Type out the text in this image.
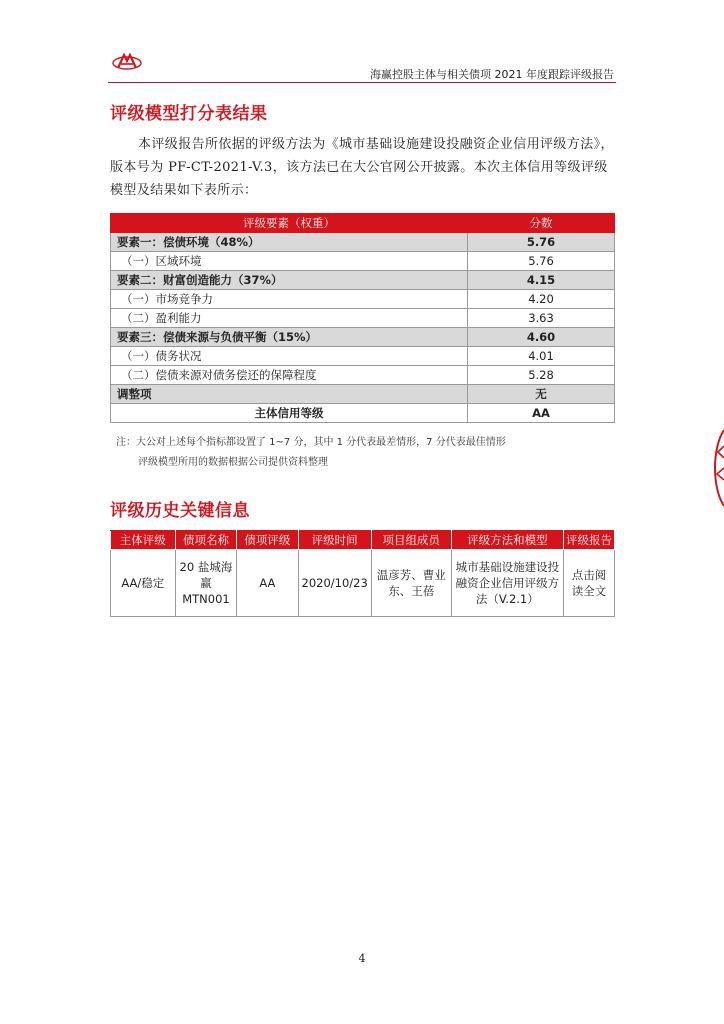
海赢控股主体与相关债项 2021 年度跟踪评级报告
评级模型打分表结果
本评级报告所依据的评级方法为《城市基础设施建设投融资企业信用评级方法》，版本号为 PF-CT-2021-V.3，该方法已在大公官网公开披露。本次主体信用等级评级模型及结果如下表所示：
评级要素（权重）	分数
要素一：偿债环境（48%）	5.76
（一）区域环境	5.76
要素二：财富创造能力（37%）	4.15
（一）市场竞争力	4.20
（二）盈利能力	3.63
要素三：偿债来源与负债平衡（15%）	4.60
（一）债务状况	4.01
（二）偿债来源对债务偿还的保障程度	5.28
调整项	无
主体信用等级	AA
注：大公对上述每个指标都设置了 1~7 分，其中 1 分代表最差情形，7 分代表最佳情形
评级模型所用的数据根据公司提供资料整理
评级历史关键信息
主体评级	债项名称	债项评级	评级时间	项目组成员	评级方法和模型	评级报告
AA/稳定	20 盐城海赢 MTN001	AA	2020/10/23	温彦芳、曹业东、王蓓	城市基础设施建设投融资企业信用评级方法（V.2.1）	点击阅读全文
4
